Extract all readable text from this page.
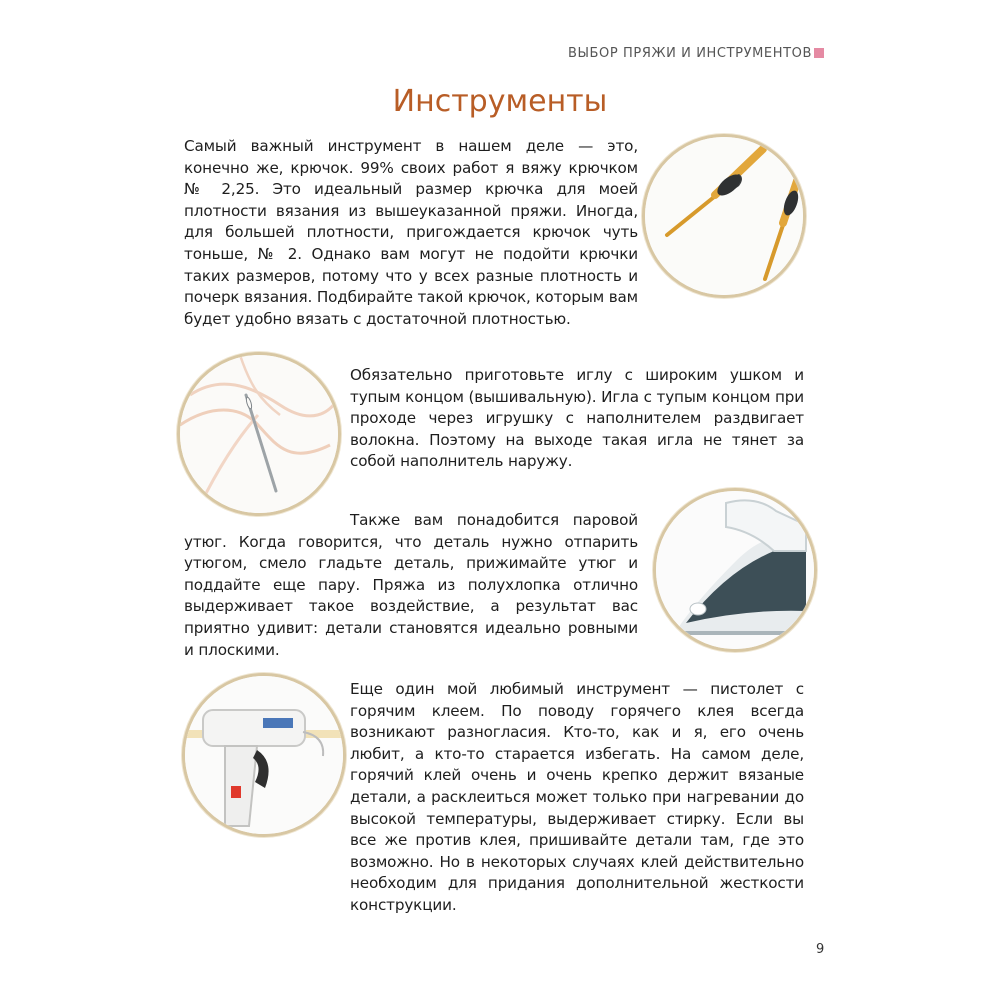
ВЫБОР ПРЯЖИ И ИНСТРУМЕНТОВ
Инструменты

Самый важный инструмент в нашем деле — это, конечно же, крючок. 99% своих работ я вяжу крючком № 2,25. Это идеальный размер крючка для моей плотности вязания из вышеуказанной пряжи. Иногда, для большей плотности, пригождается крючок чуть тоньше, № 2. Однако вам могут не подойти крючки таких размеров, потому что у всех разные плотность и почерк вязания. Подбирайте такой крючок, которым вам будет удобно вязать с достаточной плотностью.

Обязательно приготовьте иглу с широким ушком и тупым концом (вышивальную). Игла с тупым концом при проходе через игрушку с наполнителем раздвигает волокна. Поэтому на выходе такая игла не тянет за собой наполнитель наружу.

Также вам понадобится паровой утюг. Когда говорится, что деталь нужно отпарить утюгом, смело гладьте деталь, прижимайте утюг и поддайте еще пару. Пряжа из полухлопка отлично выдерживает такое воздействие, а результат вас приятно удивит: детали становятся идеально ровными и плоскими.

Еще один мой любимый инструмент — пистолет с горячим клеем. По поводу горячего клея всегда возникают разногласия. Кто-то, как и я, его очень любит, а кто-то старается избегать. На самом деле, горячий клей очень и очень крепко держит вязаные детали, а расклеиться может только при нагревании до высокой температуры, выдерживает стирку. Если вы все же против клея, пришивайте детали там, где это возможно. Но в некоторых случаях клей действительно необходим для придания дополнительной жесткости конструкции.

9
